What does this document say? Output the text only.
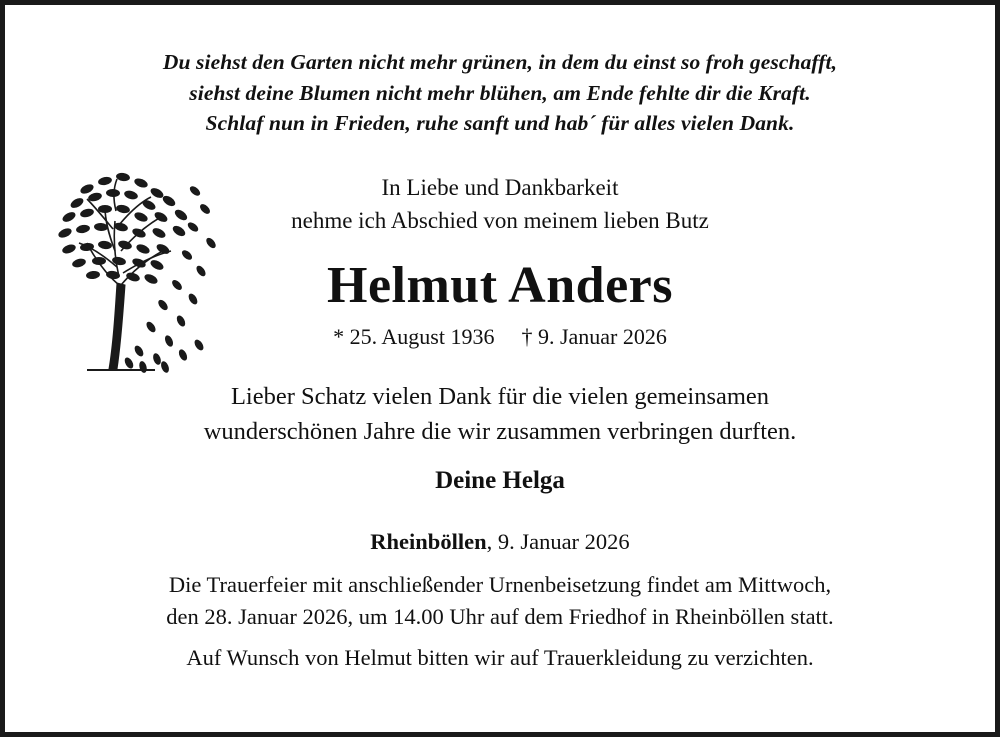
Du siehst den Garten nicht mehr grünen, in dem du einst so froh geschafft,
siehst deine Blumen nicht mehr blühen, am Ende fehlte dir die Kraft.
Schlaf nun in Frieden, ruhe sanft und hab´ für alles vielen Dank.
In Liebe und Dankbarkeit
nehme ich Abschied von meinem lieben Butz
Helmut Anders
* 25. August 1936 † 9. Januar 2026
Lieber Schatz vielen Dank für die vielen gemeinsamen
wunderschönen Jahre die wir zusammen verbringen durften.
Deine Helga
Rheinböllen, 9. Januar 2026
Die Trauerfeier mit anschließender Urnenbeisetzung findet am Mittwoch,
den 28. Januar 2026, um 14.00 Uhr auf dem Friedhof in Rheinböllen statt.
Auf Wunsch von Helmut bitten wir auf Trauerkleidung zu verzichten.
